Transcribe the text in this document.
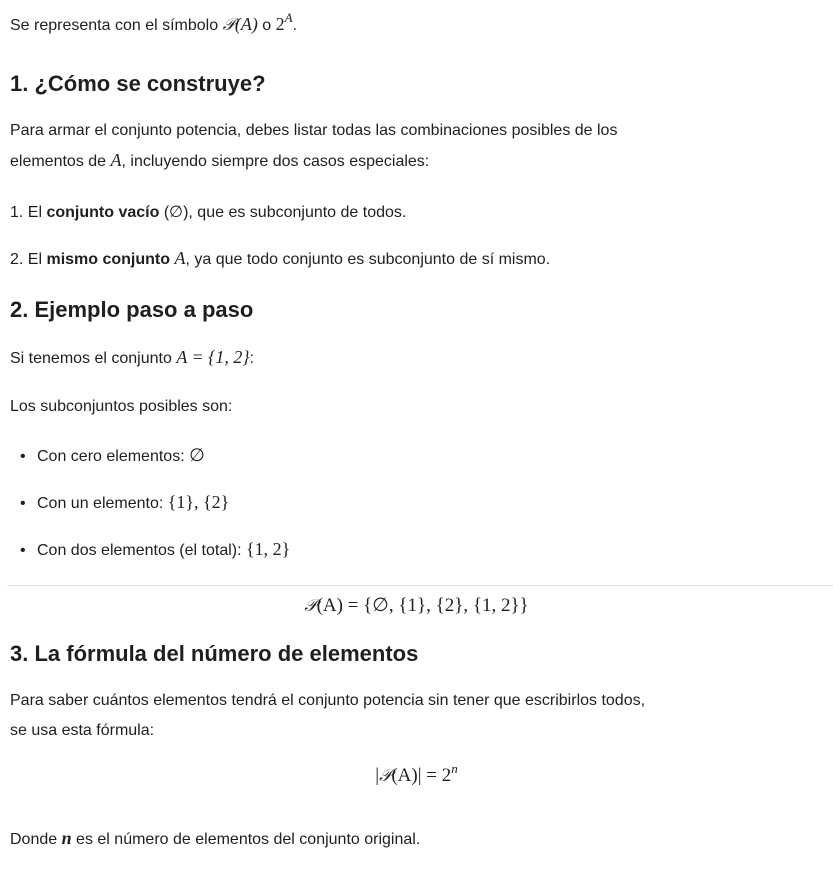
Se representa con el símbolo 𝒫(A) o $2^A$.

1. ¿Cómo se construye?

Para armar el conjunto potencia, debes listar todas las combinaciones posibles de los

elementos de A, incluyendo siempre dos casos especiales:

1. El conjunto vacío (∅), que es subconjunto de todos.

2. El mismo conjunto A, ya que todo conjunto es subconjunto de sí mismo.

2. Ejemplo paso a paso

Si tenemos el conjunto A = {1, 2}:

Los subconjuntos posibles son:

• Con cero elementos: ∅

• Con un elemento: {1}, {2}

• Con dos elementos (el total): {1, 2}

𝒫(A) = {∅, {1}, {2}, {1, 2}}

3. La fórmula del número de elementos

Para saber cuántos elementos tendrá el conjunto potencia sin tener que escribirlos todos,

se usa esta fórmula:

|𝒫(A)| = $2^n$

Donde n es el número de elementos del conjunto original.
